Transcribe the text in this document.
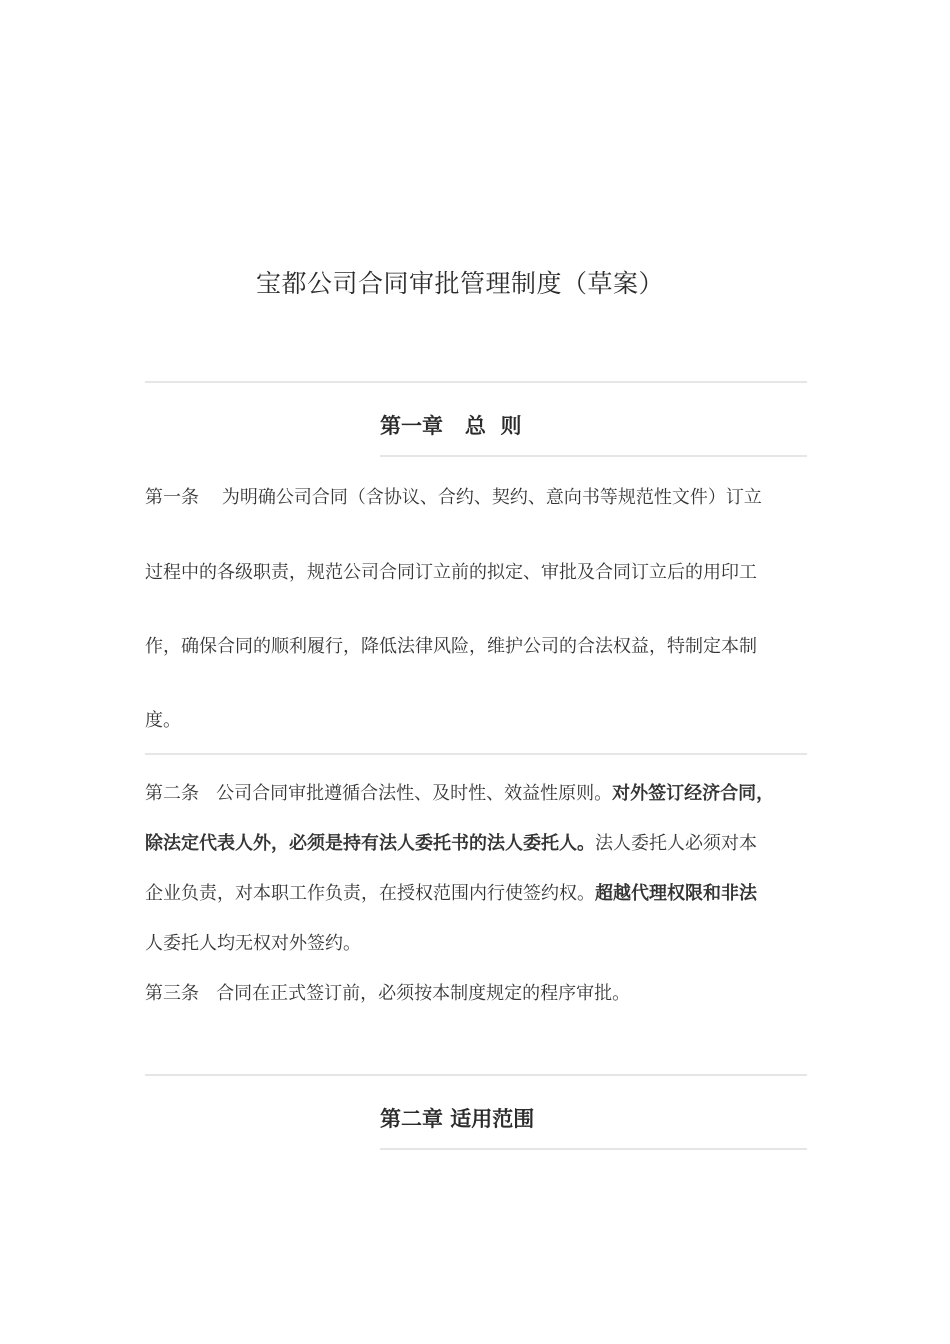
宝都公司合同审批管理制度（草案）
第一章   总  则
第一条    为明确公司合同（含协议、合约、契约、意向书等规范性文件）订立
过程中的各级职责，规范公司合同订立前的拟定、审批及合同订立后的用印工
作，确保合同的顺利履行，降低法律风险，维护公司的合法权益，特制定本制
度。
第二条   公司合同审批遵循合法性、及时性、效益性原则。对外签订经济合同，
除法定代表人外，必须是持有法人委托书的法人委托人。法人委托人必须对本
企业负责，对本职工作负责，在授权范围内行使签约权。超越代理权限和非法
人委托人均无权对外签约。
第三条   合同在正式签订前，必须按本制度规定的程序审批。
第二章 适用范围
